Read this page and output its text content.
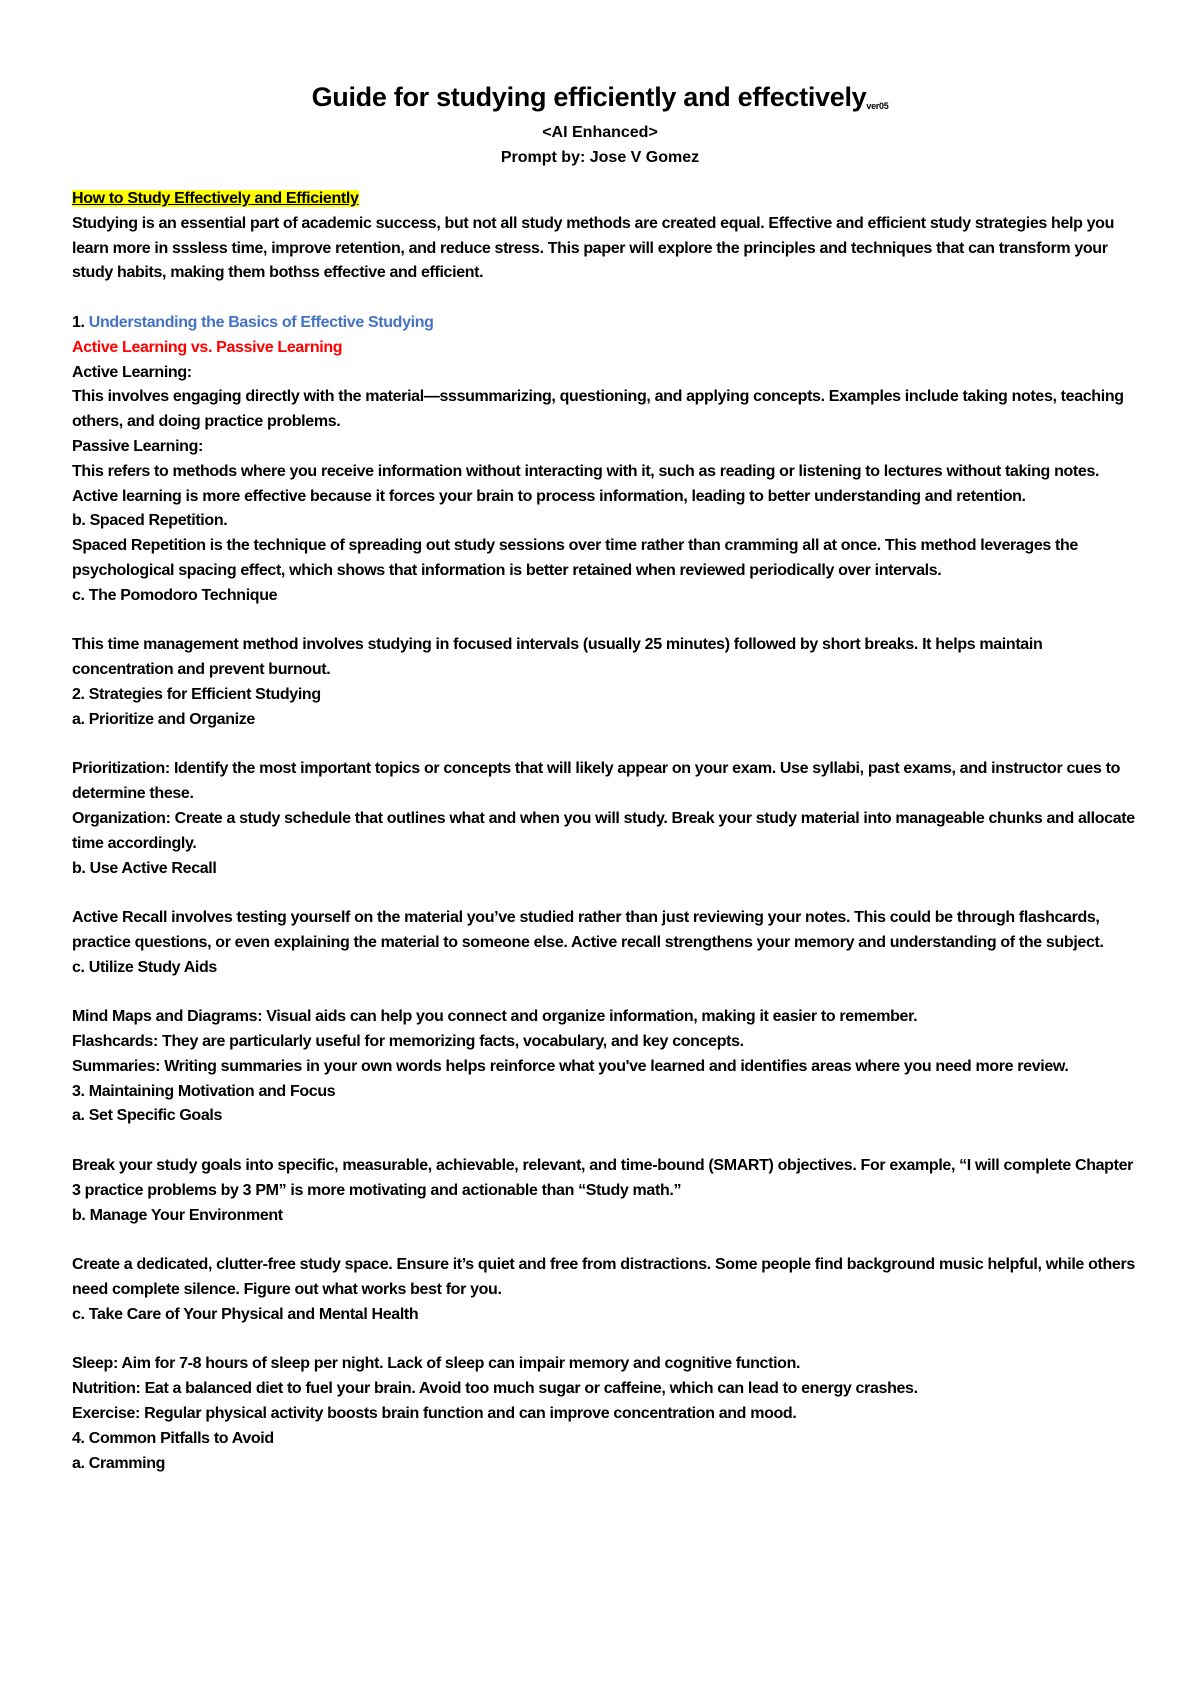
Guide for studying efficiently and effectivelyver05

<AI Enhanced>

Prompt by: Jose V Gomez

How to Study Effectively and Efficiently

Studying is an essential part of academic success, but not all study methods are created equal. Effective and efficient study strategies help you learn more in sssless time, improve retention, and reduce stress. This paper will explore the principles and techniques that can transform your study habits, making them bothss effective and efficient.

1. Understanding the Basics of Effective Studying

Active Learning vs. Passive Learning

Active Learning:

This involves engaging directly with the material—sssummarizing, questioning, and applying concepts. Examples include taking notes, teaching others, and doing practice problems.

Passive Learning:

This refers to methods where you receive information without interacting with it, such as reading or listening to lectures without taking notes. Active learning is more effective because it forces your brain to process information, leading to better understanding and retention.

b. Spaced Repetition.

Spaced Repetition is the technique of spreading out study sessions over time rather than cramming all at once. This method leverages the psychological spacing effect, which shows that information is better retained when reviewed periodically over intervals.

c. The Pomodoro Technique

This time management method involves studying in focused intervals (usually 25 minutes) followed by short breaks. It helps maintain concentration and prevent burnout.

2. Strategies for Efficient Studying

a. Prioritize and Organize

Prioritization: Identify the most important topics or concepts that will likely appear on your exam. Use syllabi, past exams, and instructor cues to determine these.

Organization: Create a study schedule that outlines what and when you will study. Break your study material into manageable chunks and allocate time accordingly.

b. Use Active Recall

Active Recall involves testing yourself on the material you’ve studied rather than just reviewing your notes. This could be through flashcards, practice questions, or even explaining the material to someone else. Active recall strengthens your memory and understanding of the subject.

c. Utilize Study Aids

Mind Maps and Diagrams: Visual aids can help you connect and organize information, making it easier to remember.

Flashcards: They are particularly useful for memorizing facts, vocabulary, and key concepts.

Summaries: Writing summaries in your own words helps reinforce what you've learned and identifies areas where you need more review.

3. Maintaining Motivation and Focus

a. Set Specific Goals

Break your study goals into specific, measurable, achievable, relevant, and time-bound (SMART) objectives. For example, “I will complete Chapter 3 practice problems by 3 PM” is more motivating and actionable than “Study math.”

b. Manage Your Environment

Create a dedicated, clutter-free study space. Ensure it’s quiet and free from distractions. Some people find background music helpful, while others need complete silence. Figure out what works best for you.

c. Take Care of Your Physical and Mental Health

Sleep: Aim for 7-8 hours of sleep per night. Lack of sleep can impair memory and cognitive function.

Nutrition: Eat a balanced diet to fuel your brain. Avoid too much sugar or caffeine, which can lead to energy crashes.

Exercise: Regular physical activity boosts brain function and can improve concentration and mood.

4. Common Pitfalls to Avoid

a. Cramming
